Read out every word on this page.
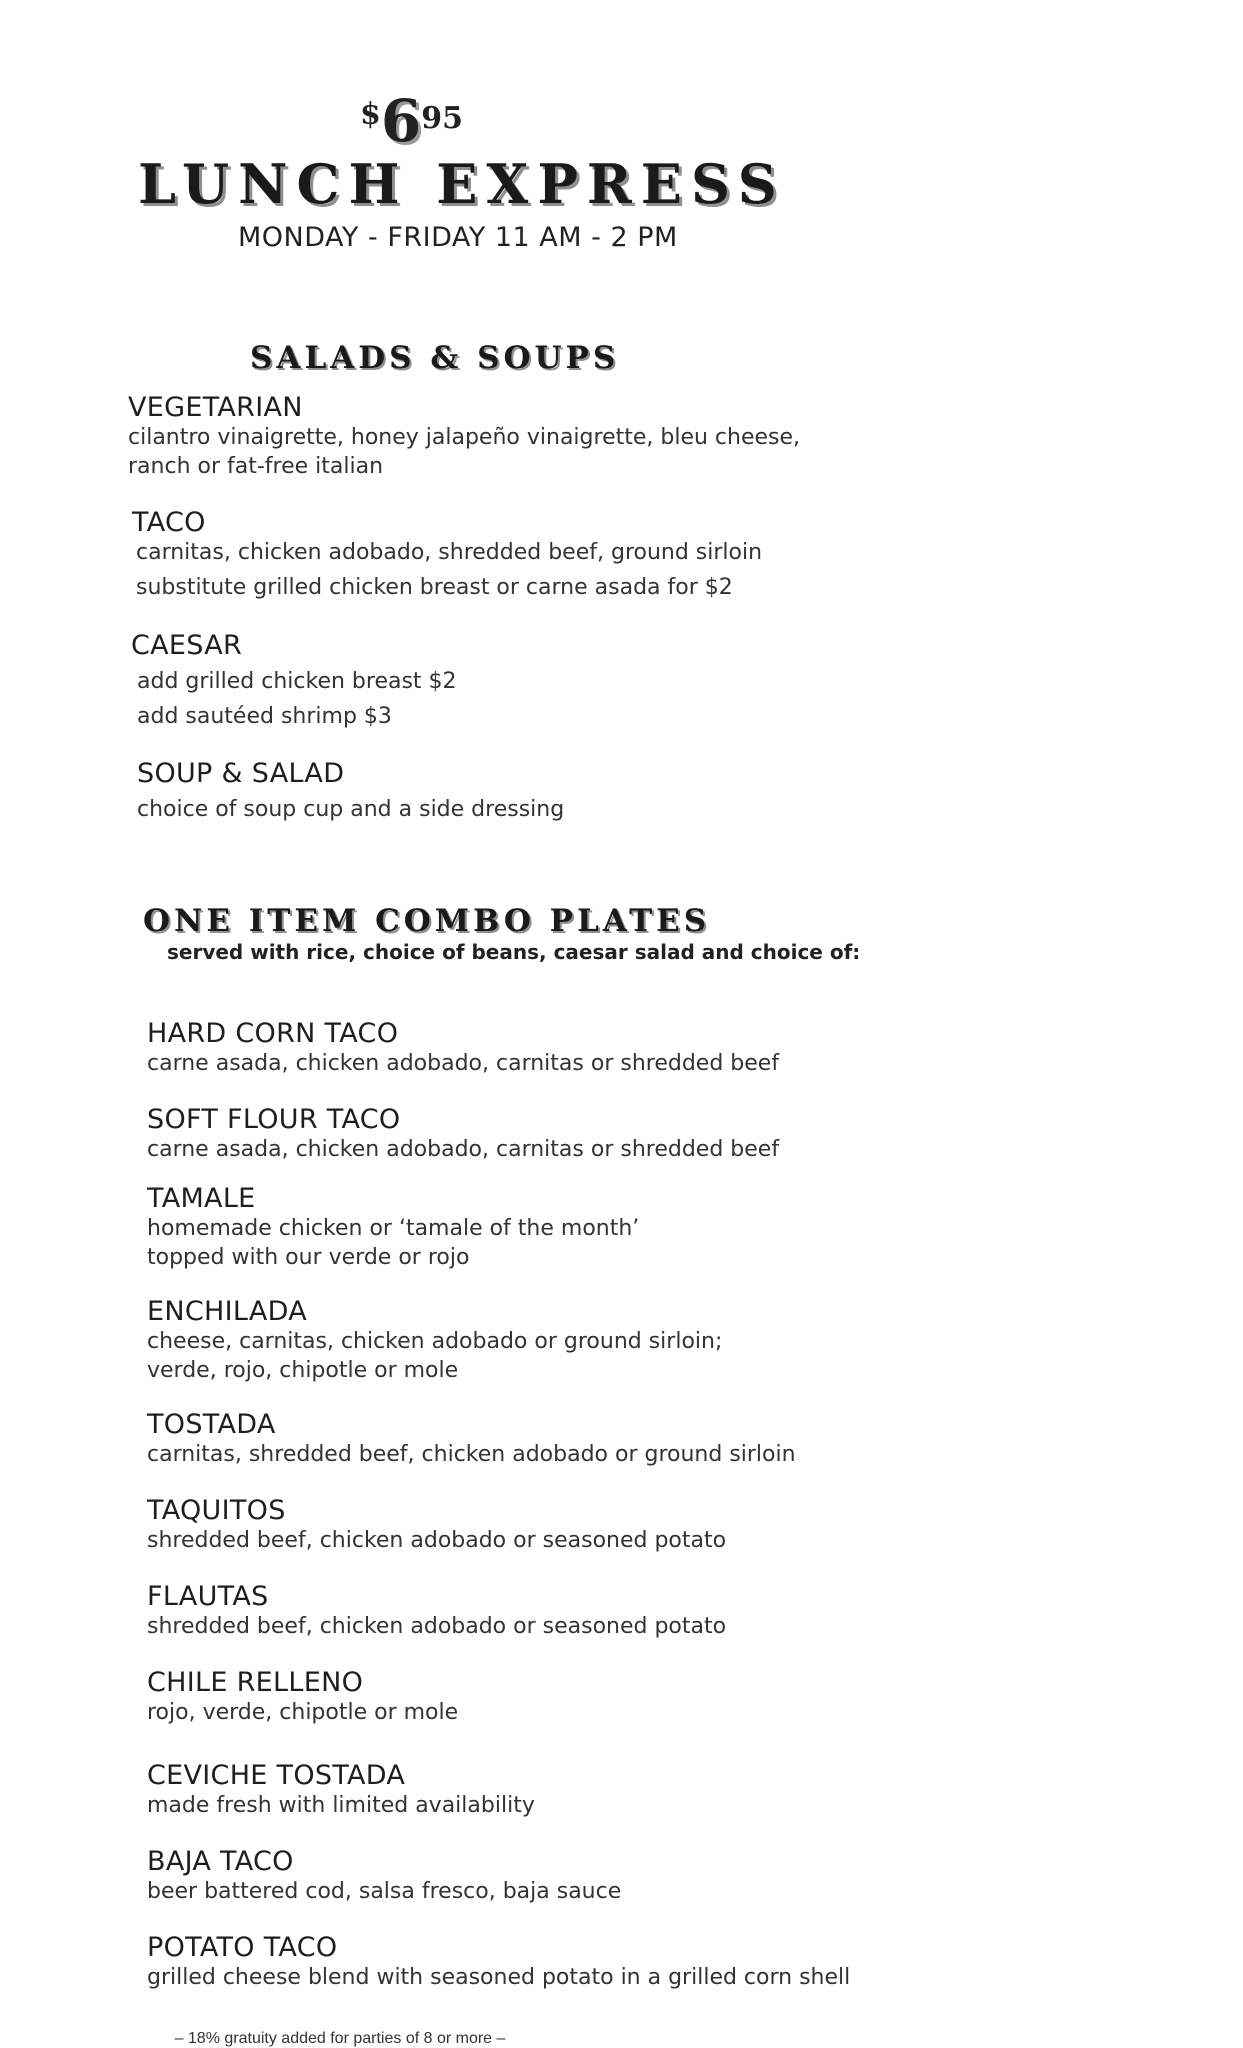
$695
LUNCH EXPRESS
MONDAY - FRIDAY 11 AM - 2 PM
SALADS & SOUPS
VEGETARIAN
cilantro vinaigrette, honey jalapeño vinaigrette, bleu cheese,
ranch or fat-free italian
TACO
carnitas, chicken adobado, shredded beef, ground sirloin
substitute grilled chicken breast or carne asada for $2
CAESAR
add grilled chicken breast $2
add sautéed shrimp $3
SOUP & SALAD
choice of soup cup and a side dressing
ONE ITEM COMBO PLATES
served with rice, choice of beans, caesar salad and choice of:
HARD CORN TACO
carne asada, chicken adobado, carnitas or shredded beef
SOFT FLOUR TACO
carne asada, chicken adobado, carnitas or shredded beef
TAMALE
homemade chicken or ‘tamale of the month’
topped with our verde or rojo
ENCHILADA
cheese, carnitas, chicken adobado or ground sirloin;
verde, rojo, chipotle or mole
TOSTADA
carnitas, shredded beef, chicken adobado or ground sirloin
TAQUITOS
shredded beef, chicken adobado or seasoned potato
FLAUTAS
shredded beef, chicken adobado or seasoned potato
CHILE RELLENO
rojo, verde, chipotle or mole
CEVICHE TOSTADA
made fresh with limited availability
BAJA TACO
beer battered cod, salsa fresco, baja sauce
POTATO TACO
grilled cheese blend with seasoned potato in a grilled corn shell
– 18% gratuity added for parties of 8 or more –
